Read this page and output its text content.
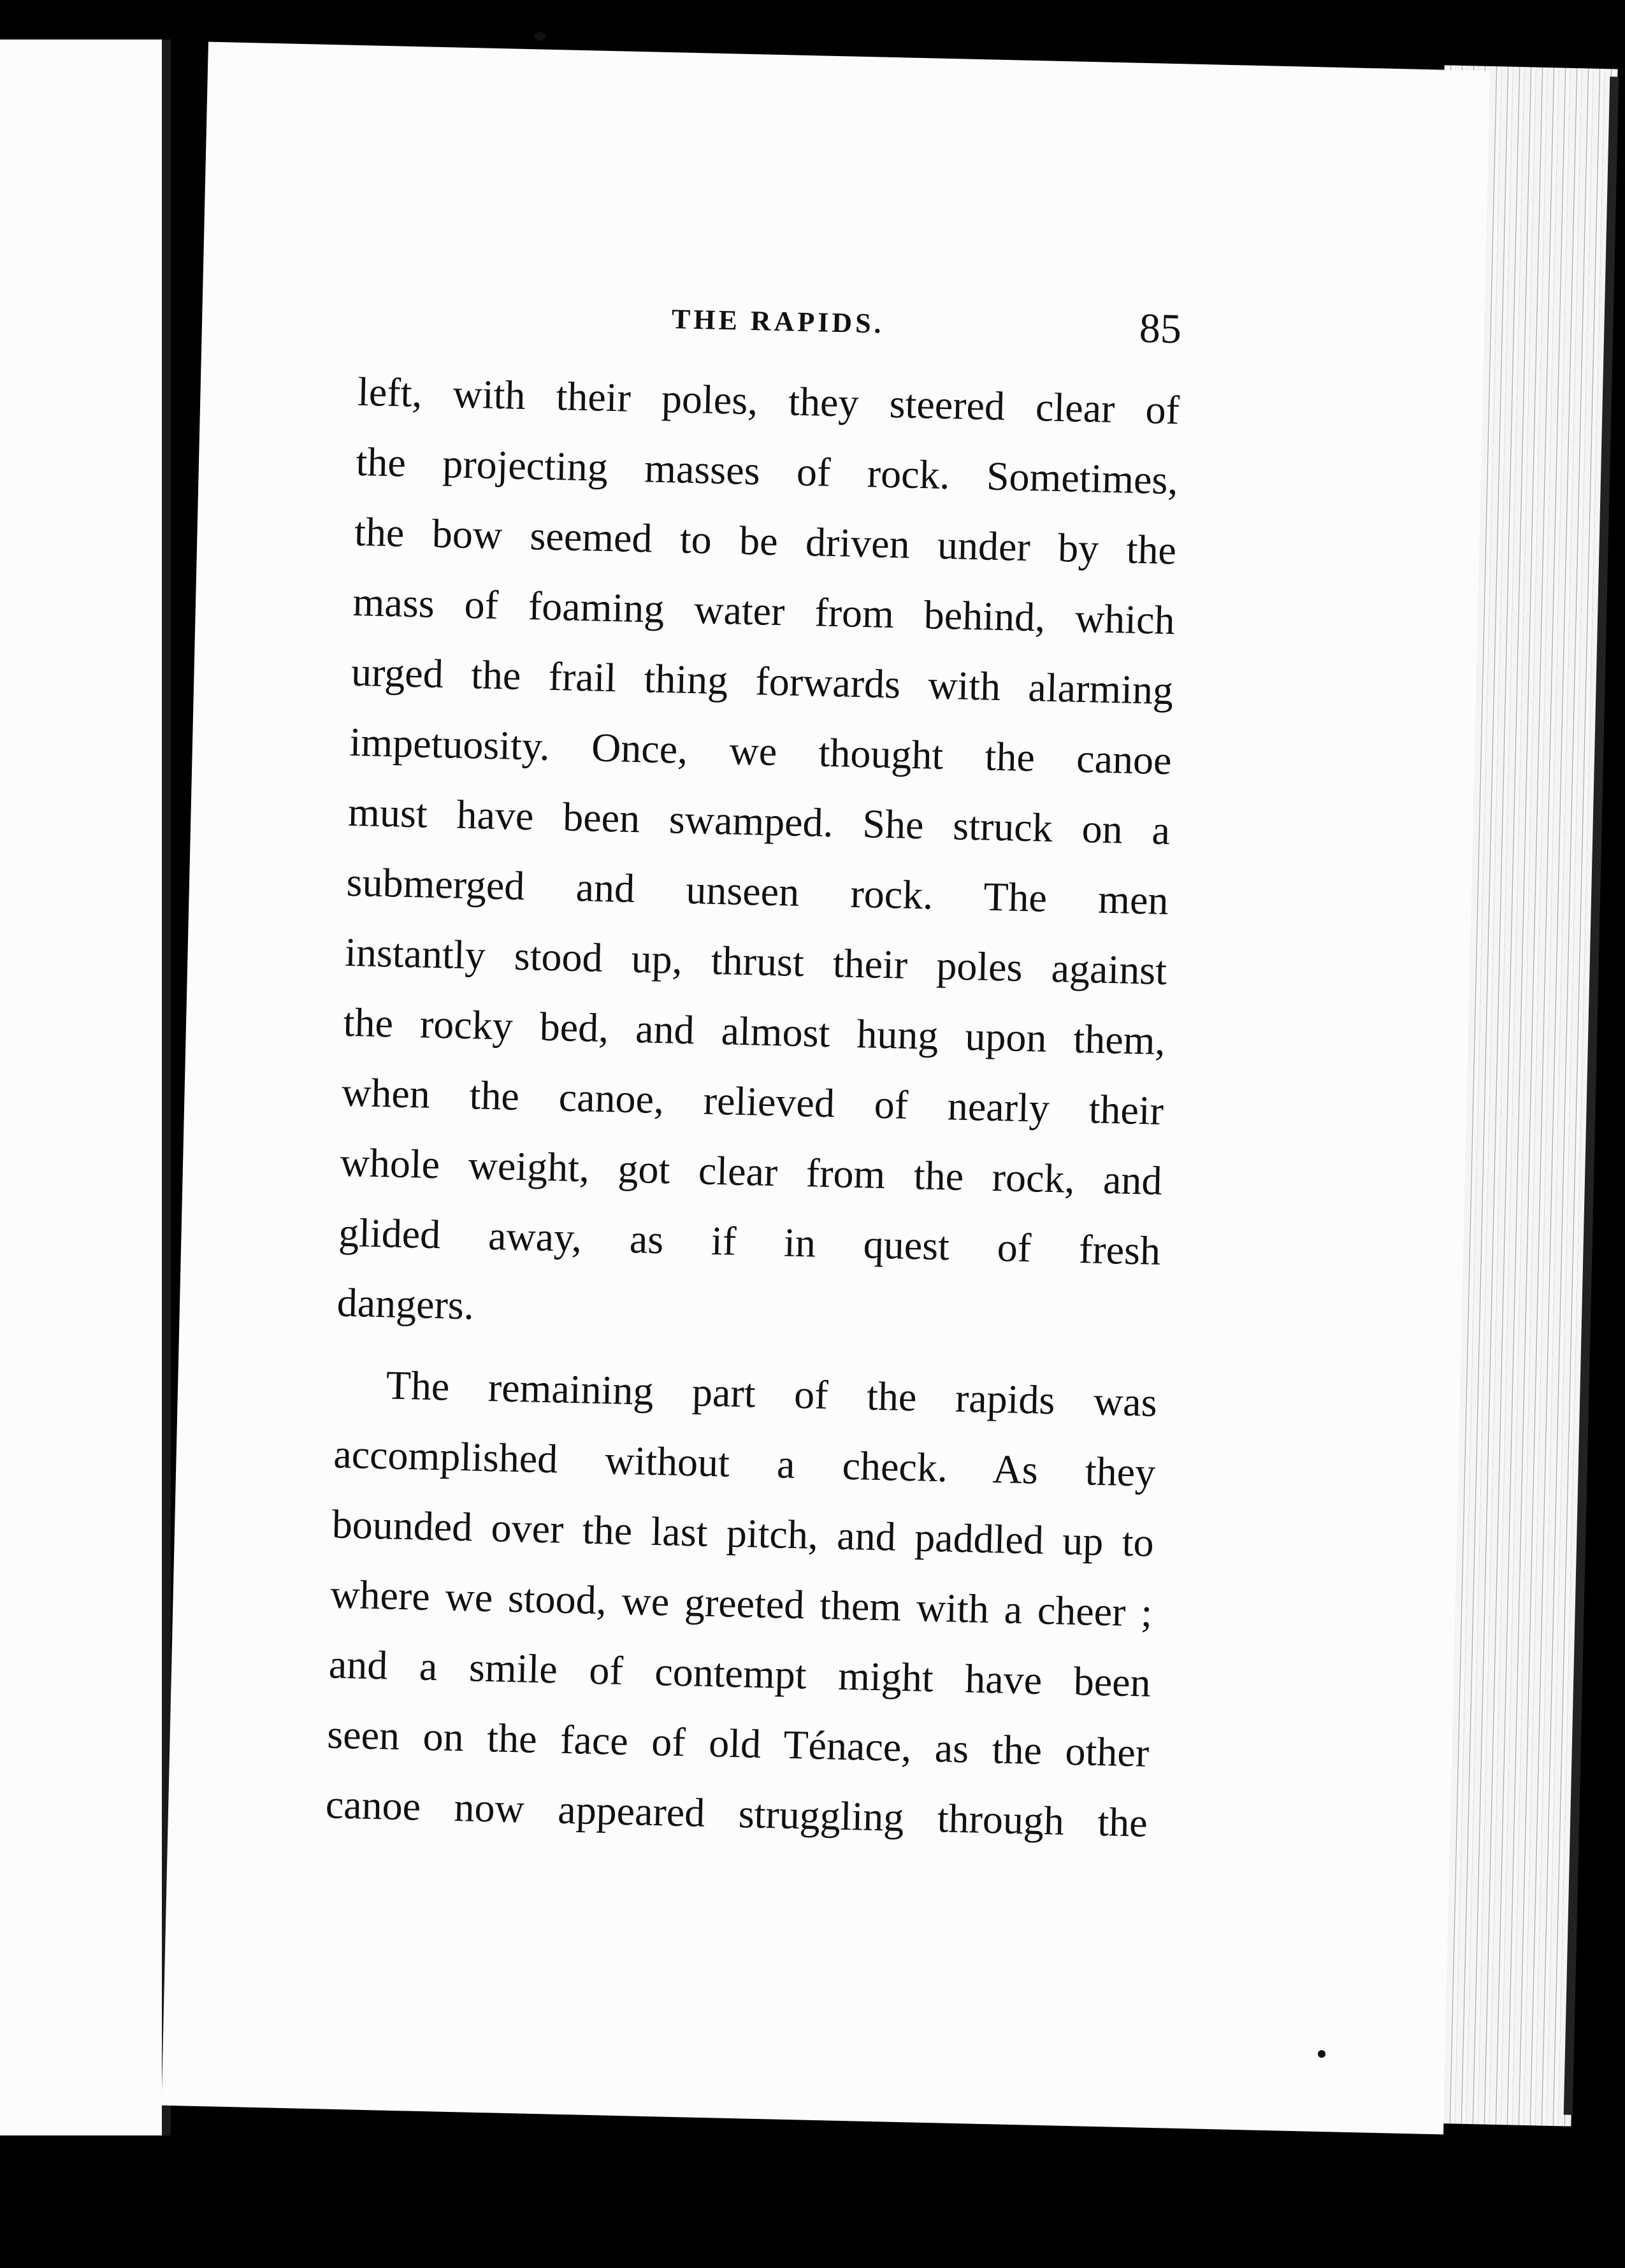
THE RAPIDS.	85
left, with their poles, they steered clear of
the projecting masses of rock. Sometimes,
the bow seemed to be driven under by the
mass of foaming water from behind, which
urged the frail thing forwards with alarming
impetuosity. Once, we thought the canoe
must have been swamped. She struck on a
submerged and unseen rock. The men
instantly stood up, thrust their poles against
the rocky bed, and almost hung upon them,
when the canoe, relieved of nearly their
whole weight, got clear from the rock, and
glided away, as if in quest of fresh
dangers.
The remaining part of the rapids was
accomplished without a check. As they
bounded over the last pitch, and paddled up to
where we stood, we greeted them with a cheer ;
and a smile of contempt might have been
seen on the face of old Ténace, as the other
canoe now appeared struggling through the
